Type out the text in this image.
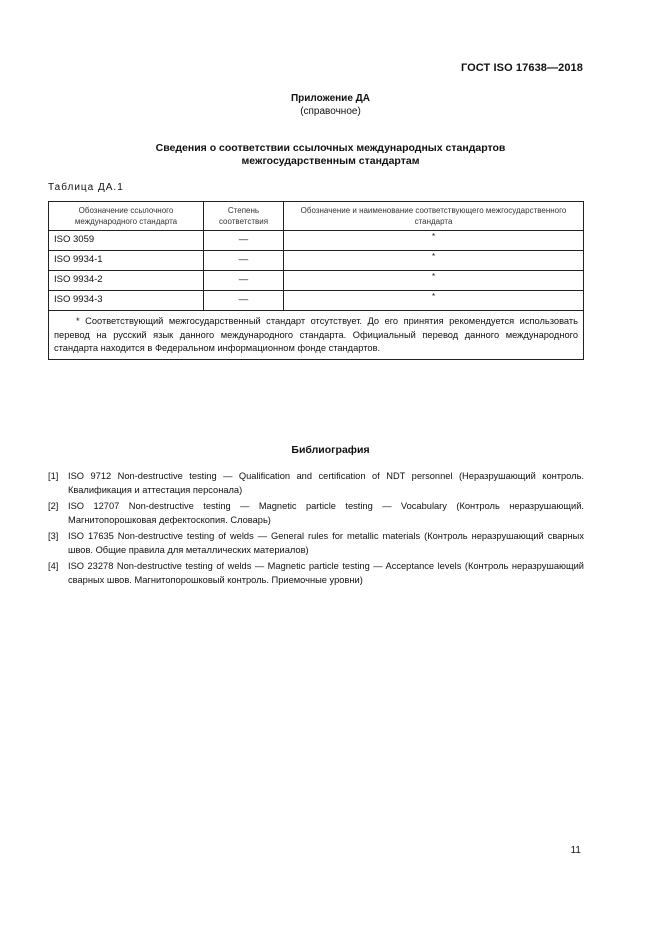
ГОСТ ISO 17638—2018
Приложение ДА
(справочное)
Сведения о соответствии ссылочных международных стандартов
межгосударственным стандартам
Таблица ДА.1
Обозначение ссылочного международного стандарта	Степень соответствия	Обозначение и наименование соответствующего межгосударственного стандарта
ISO 3059	—	*
ISO 9934-1	—	*
ISO 9934-2	—	*
ISO 9934-3	—	*
* Соответствующий межгосударственный стандарт отсутствует. До его принятия рекомендуется использовать перевод на русский язык данного международного стандарта. Официальный перевод данного международного стандарта находится в Федеральном информационном фонде стандартов.		
Библиография
[1] ISO 9712 Non-destructive testing — Qualification and certification of NDT personnel (Неразрушающий контроль. Квалификация и аттестация персонала)
[2] ISO 12707 Non-destructive testing — Magnetic particle testing — Vocabulary (Контроль неразрушающий. Магнитопорошковая дефектоскопия. Словарь)
[3] ISO 17635 Non-destructive testing of welds — General rules for metallic materials (Контроль неразрушающий сварных швов. Общие правила для металлических материалов)
[4] ISO 23278 Non-destructive testing of welds — Magnetic particle testing — Acceptance levels (Контроль неразрушающий сварных швов. Магнитопорошковый контроль. Приемочные уровни)
11
